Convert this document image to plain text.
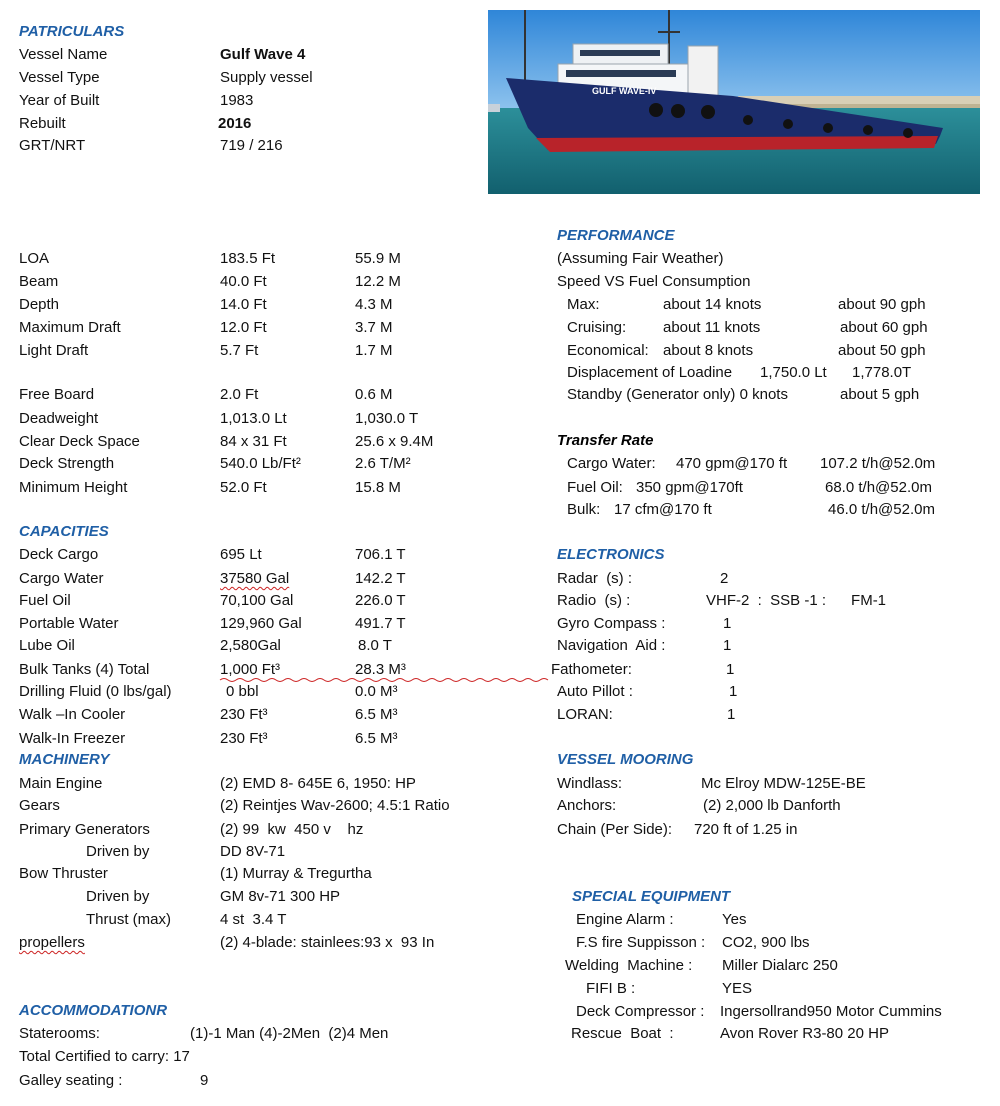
PATRICULARS
Vessel Name	Gulf Wave 4
Vessel Type	Supply vessel
Year of Built	1983
Rebuilt	2016
GRT/NRT	719 / 216
GULF WAVE-IV
LOA	183.5 Ft	55.9 M
Beam	40.0 Ft	12.2 M
Depth	14.0 Ft	4.3 M
Maximum Draft	12.0 Ft	3.7 M
Light Draft	5.7 Ft	1.7 M
Free Board	2.0 Ft	0.6 M
Deadweight	1,013.0 Lt	1,030.0 T
Clear Deck Space	84 x 31 Ft	25.6 x 9.4M
Deck Strength	540.0 Lb/Ft²	2.6 T/M²
Minimum Height	52.0 Ft	15.8 M
CAPACITIES
Deck Cargo	695 Lt	706.1 T
Cargo Water	37580 Gal	142.2 T
Fuel Oil	70,100 Gal	226.0 T
Portable Water	129,960 Gal	491.7 T
Lube Oil	2,580Gal	8.0 T
Bulk Tanks (4) Total	1,000 Ft³	28.3 M³
Drilling Fluid (0 lbs/gal)	0 bbl	0.0 M³
Walk –In Cooler	230 Ft³	6.5 M³
Walk-In Freezer	230 Ft³	6.5 M³
MACHINERY
Main Engine	(2) EMD 8- 645E 6, 1950: HP
Gears	(2) Reintjes Wav-2600; 4.5:1 Ratio
Primary Generators	(2) 99  kw  450 v    hz
Driven by	DD 8V-71
Bow Thruster	(1) Murray & Tregurtha
Driven by	GM 8v-71 300 HP
Thrust (max)	4 st  3.4 T
propellers	(2) 4-blade: stainlees:93 x  93 In
ACCOMMODATIONR
Staterooms:	(1)-1 Man (4)-2Men  (2)4 Men
Total Certified to carry: 17
Galley seating :	9
PERFORMANCE
(Assuming Fair Weather)
Speed VS Fuel Consumption
Max:	about 14 knots	about 90 gph
Cruising: about 11 knots	about 60 gph
Economical: about 8 knots	about 50 gph
Displacement of Loadine 1,750.0 Lt 1,778.0T
Standby (Generator only) 0 knots	about 5 gph
Transfer Rate
Cargo Water: 470 gpm@170 ft 107.2 t/h@52.0m
Fuel Oil: 350 gpm@170ft	68.0 t/h@52.0m
Bulk: 17 cfm@170 ft	46.0 t/h@52.0m
ELECTRONICS
Radar  (s) :	2
Radio  (s) :	VHF-2  :  SSB -1 :      FM-1
Gyro Compass :	1
Navigation  Aid :	1
Fathometer:	1
Auto Pillot :	1
LORAN:	1
VESSEL MOORING
Windlass:	Mc Elroy MDW-125E-BE
Anchors:	(2) 2,000 lb Danforth
Chain (Per Side): 720 ft of 1.25 in
SPECIAL EQUIPMENT
Engine Alarm :	Yes
F.S fire Suppisson : CO2, 900 lbs
Welding  Machine : Miller Dialarc 250
FIFI B :	YES
Deck Compressor : Ingersollrand950 Motor Cummins
Rescue  Boat  :	Avon Rover R3-80 20 HP
